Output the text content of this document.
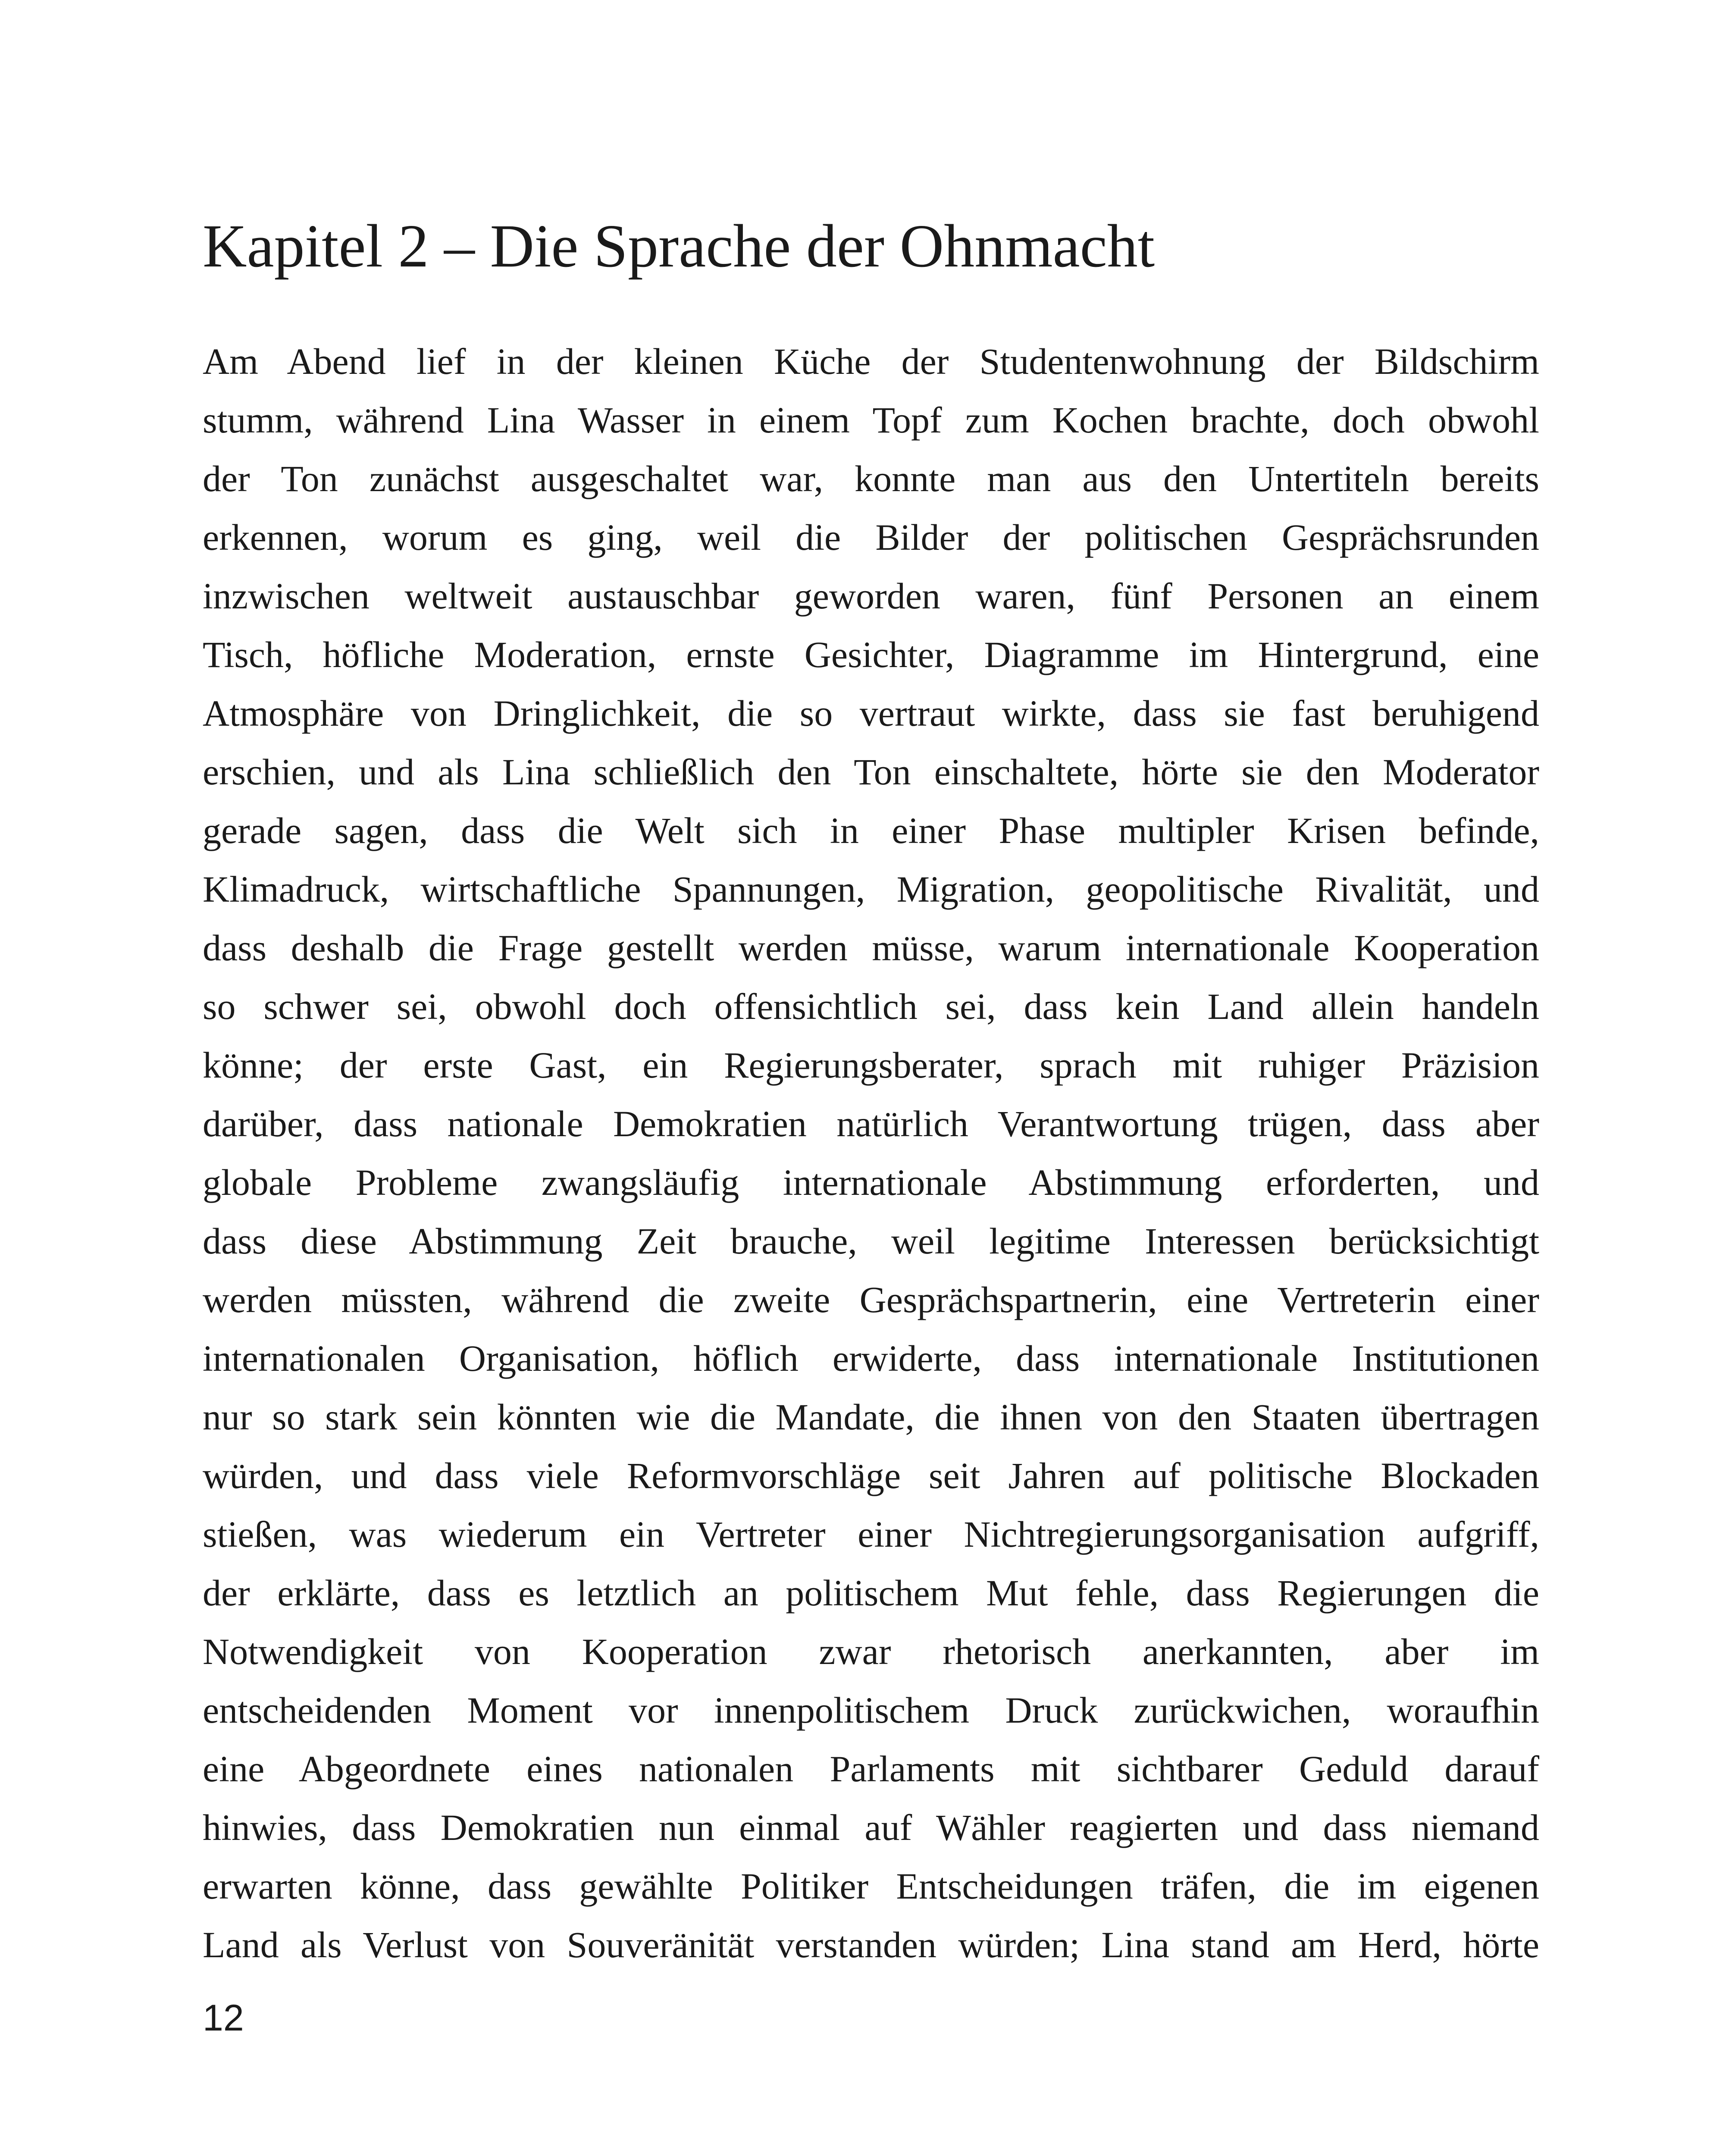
Kapitel 2 – Die Sprache der Ohnmacht
Am Abend lief in der kleinen Küche der Studentenwohnung der Bildschirm
stumm, während Lina Wasser in einem Topf zum Kochen brachte, doch obwohl
der Ton zunächst ausgeschaltet war, konnte man aus den Untertiteln bereits
erkennen, worum es ging, weil die Bilder der politischen Gesprächsrunden
inzwischen weltweit austauschbar geworden waren, fünf Personen an einem
Tisch, höfliche Moderation, ernste Gesichter, Diagramme im Hintergrund, eine
Atmosphäre von Dringlichkeit, die so vertraut wirkte, dass sie fast beruhigend
erschien, und als Lina schließlich den Ton einschaltete, hörte sie den Moderator
gerade sagen, dass die Welt sich in einer Phase multipler Krisen befinde,
Klimadruck, wirtschaftliche Spannungen, Migration, geopolitische Rivalität, und
dass deshalb die Frage gestellt werden müsse, warum internationale Kooperation
so schwer sei, obwohl doch offensichtlich sei, dass kein Land allein handeln
könne; der erste Gast, ein Regierungsberater, sprach mit ruhiger Präzision
darüber, dass nationale Demokratien natürlich Verantwortung trügen, dass aber
globale Probleme zwangsläufig internationale Abstimmung erforderten, und
dass diese Abstimmung Zeit brauche, weil legitime Interessen berücksichtigt
werden müssten, während die zweite Gesprächspartnerin, eine Vertreterin einer
internationalen Organisation, höflich erwiderte, dass internationale Institutionen
nur so stark sein könnten wie die Mandate, die ihnen von den Staaten übertragen
würden, und dass viele Reformvorschläge seit Jahren auf politische Blockaden
stießen, was wiederum ein Vertreter einer Nichtregierungsorganisation aufgriff,
der erklärte, dass es letztlich an politischem Mut fehle, dass Regierungen die
Notwendigkeit von Kooperation zwar rhetorisch anerkannten, aber im
entscheidenden Moment vor innenpolitischem Druck zurückwichen, woraufhin
eine Abgeordnete eines nationalen Parlaments mit sichtbarer Geduld darauf
hinwies, dass Demokratien nun einmal auf Wähler reagierten und dass niemand
erwarten könne, dass gewählte Politiker Entscheidungen träfen, die im eigenen
Land als Verlust von Souveränität verstanden würden; Lina stand am Herd, hörte
12
